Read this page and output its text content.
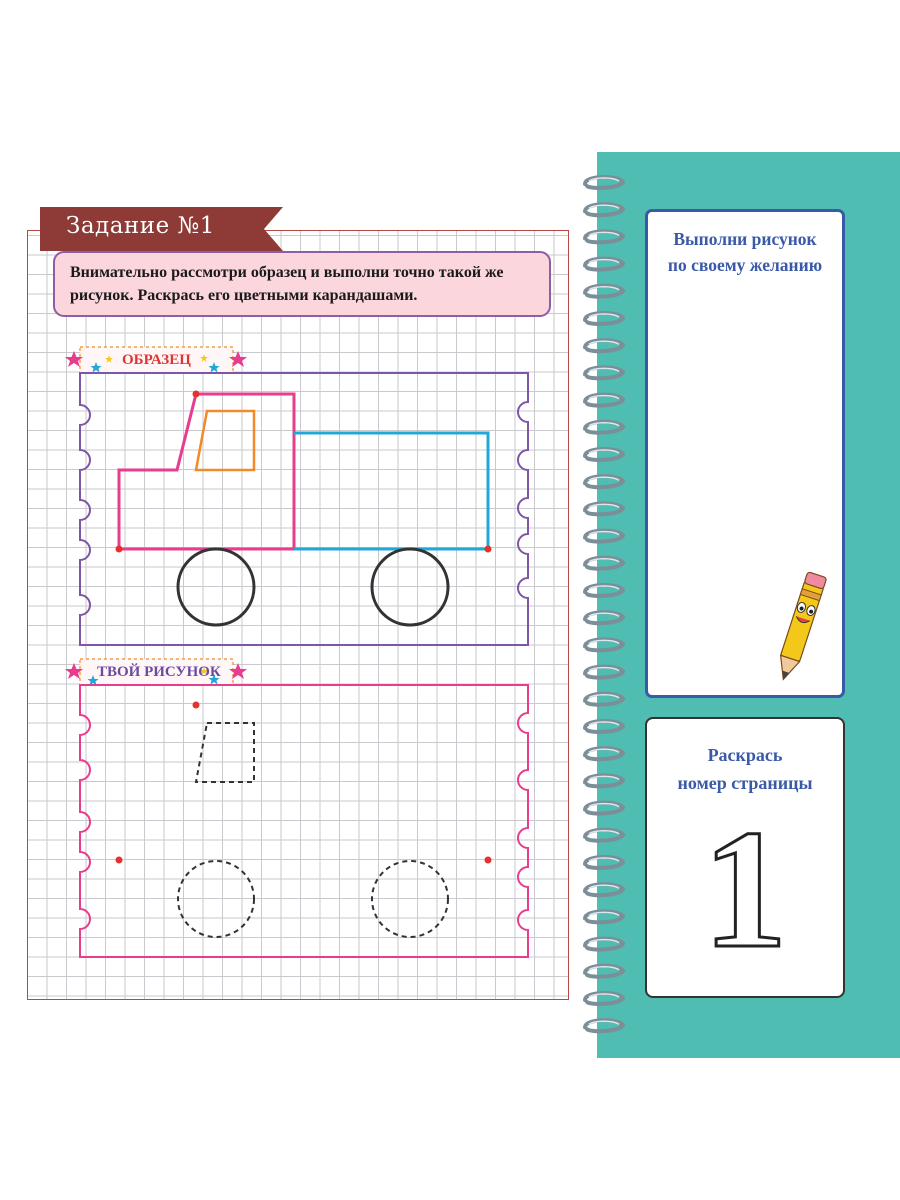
Задание №1
Внимательно рассмотри образец и выполни точно такой же
рисунок. Раскрась его цветными карандашами.
ОБРАЗЕЦ
ТВОЙ РИСУНОК
Выполни рисунок
по своему желанию
Раскрась
номер страницы
1
